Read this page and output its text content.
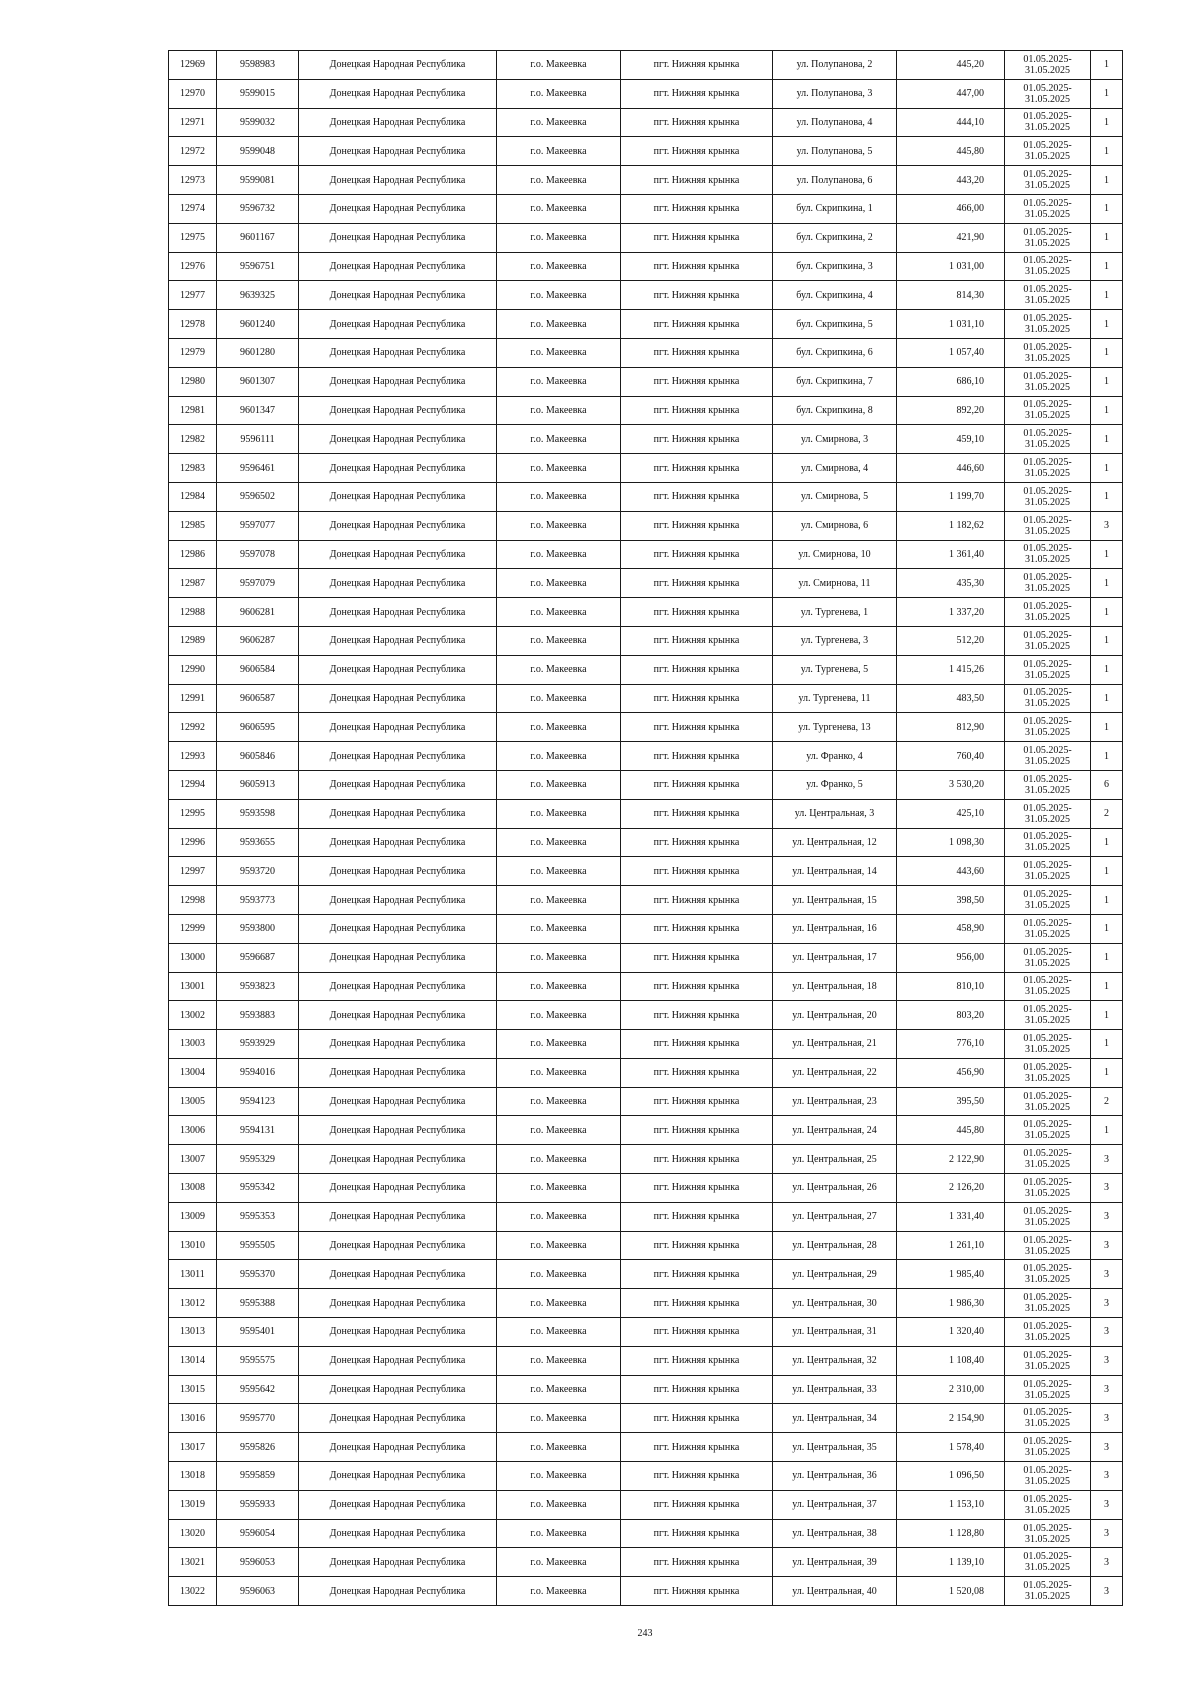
12969	9598983	Донецкая Народная Республика	г.о. Макеевка	пгт. Нижняя крынка	ул. Полупанова, 2	445,20	01.05.2025-
31.05.2025	1
12970	9599015	Донецкая Народная Республика	г.о. Макеевка	пгт. Нижняя крынка	ул. Полупанова, 3	447,00	01.05.2025-
31.05.2025	1
12971	9599032	Донецкая Народная Республика	г.о. Макеевка	пгт. Нижняя крынка	ул. Полупанова, 4	444,10	01.05.2025-
31.05.2025	1
12972	9599048	Донецкая Народная Республика	г.о. Макеевка	пгт. Нижняя крынка	ул. Полупанова, 5	445,80	01.05.2025-
31.05.2025	1
12973	9599081	Донецкая Народная Республика	г.о. Макеевка	пгт. Нижняя крынка	ул. Полупанова, 6	443,20	01.05.2025-
31.05.2025	1
12974	9596732	Донецкая Народная Республика	г.о. Макеевка	пгт. Нижняя крынка	бул. Скрипкина, 1	466,00	01.05.2025-
31.05.2025	1
12975	9601167	Донецкая Народная Республика	г.о. Макеевка	пгт. Нижняя крынка	бул. Скрипкина, 2	421,90	01.05.2025-
31.05.2025	1
12976	9596751	Донецкая Народная Республика	г.о. Макеевка	пгт. Нижняя крынка	бул. Скрипкина, 3	1 031,00	01.05.2025-
31.05.2025	1
12977	9639325	Донецкая Народная Республика	г.о. Макеевка	пгт. Нижняя крынка	бул. Скрипкина, 4	814,30	01.05.2025-
31.05.2025	1
12978	9601240	Донецкая Народная Республика	г.о. Макеевка	пгт. Нижняя крынка	бул. Скрипкина, 5	1 031,10	01.05.2025-
31.05.2025	1
12979	9601280	Донецкая Народная Республика	г.о. Макеевка	пгт. Нижняя крынка	бул. Скрипкина, 6	1 057,40	01.05.2025-
31.05.2025	1
12980	9601307	Донецкая Народная Республика	г.о. Макеевка	пгт. Нижняя крынка	бул. Скрипкина, 7	686,10	01.05.2025-
31.05.2025	1
12981	9601347	Донецкая Народная Республика	г.о. Макеевка	пгт. Нижняя крынка	бул. Скрипкина, 8	892,20	01.05.2025-
31.05.2025	1
12982	9596111	Донецкая Народная Республика	г.о. Макеевка	пгт. Нижняя крынка	ул. Смирнова, 3	459,10	01.05.2025-
31.05.2025	1
12983	9596461	Донецкая Народная Республика	г.о. Макеевка	пгт. Нижняя крынка	ул. Смирнова, 4	446,60	01.05.2025-
31.05.2025	1
12984	9596502	Донецкая Народная Республика	г.о. Макеевка	пгт. Нижняя крынка	ул. Смирнова, 5	1 199,70	01.05.2025-
31.05.2025	1
12985	9597077	Донецкая Народная Республика	г.о. Макеевка	пгт. Нижняя крынка	ул. Смирнова, 6	1 182,62	01.05.2025-
31.05.2025	3
12986	9597078	Донецкая Народная Республика	г.о. Макеевка	пгт. Нижняя крынка	ул. Смирнова, 10	1 361,40	01.05.2025-
31.05.2025	1
12987	9597079	Донецкая Народная Республика	г.о. Макеевка	пгт. Нижняя крынка	ул. Смирнова, 11	435,30	01.05.2025-
31.05.2025	1
12988	9606281	Донецкая Народная Республика	г.о. Макеевка	пгт. Нижняя крынка	ул. Тургенева, 1	1 337,20	01.05.2025-
31.05.2025	1
12989	9606287	Донецкая Народная Республика	г.о. Макеевка	пгт. Нижняя крынка	ул. Тургенева, 3	512,20	01.05.2025-
31.05.2025	1
12990	9606584	Донецкая Народная Республика	г.о. Макеевка	пгт. Нижняя крынка	ул. Тургенева, 5	1 415,26	01.05.2025-
31.05.2025	1
12991	9606587	Донецкая Народная Республика	г.о. Макеевка	пгт. Нижняя крынка	ул. Тургенева, 11	483,50	01.05.2025-
31.05.2025	1
12992	9606595	Донецкая Народная Республика	г.о. Макеевка	пгт. Нижняя крынка	ул. Тургенева, 13	812,90	01.05.2025-
31.05.2025	1
12993	9605846	Донецкая Народная Республика	г.о. Макеевка	пгт. Нижняя крынка	ул. Франко, 4	760,40	01.05.2025-
31.05.2025	1
12994	9605913	Донецкая Народная Республика	г.о. Макеевка	пгт. Нижняя крынка	ул. Франко, 5	3 530,20	01.05.2025-
31.05.2025	6
12995	9593598	Донецкая Народная Республика	г.о. Макеевка	пгт. Нижняя крынка	ул. Центральная, 3	425,10	01.05.2025-
31.05.2025	2
12996	9593655	Донецкая Народная Республика	г.о. Макеевка	пгт. Нижняя крынка	ул. Центральная, 12	1 098,30	01.05.2025-
31.05.2025	1
12997	9593720	Донецкая Народная Республика	г.о. Макеевка	пгт. Нижняя крынка	ул. Центральная, 14	443,60	01.05.2025-
31.05.2025	1
12998	9593773	Донецкая Народная Республика	г.о. Макеевка	пгт. Нижняя крынка	ул. Центральная, 15	398,50	01.05.2025-
31.05.2025	1
12999	9593800	Донецкая Народная Республика	г.о. Макеевка	пгт. Нижняя крынка	ул. Центральная, 16	458,90	01.05.2025-
31.05.2025	1
13000	9596687	Донецкая Народная Республика	г.о. Макеевка	пгт. Нижняя крынка	ул. Центральная, 17	956,00	01.05.2025-
31.05.2025	1
13001	9593823	Донецкая Народная Республика	г.о. Макеевка	пгт. Нижняя крынка	ул. Центральная, 18	810,10	01.05.2025-
31.05.2025	1
13002	9593883	Донецкая Народная Республика	г.о. Макеевка	пгт. Нижняя крынка	ул. Центральная, 20	803,20	01.05.2025-
31.05.2025	1
13003	9593929	Донецкая Народная Республика	г.о. Макеевка	пгт. Нижняя крынка	ул. Центральная, 21	776,10	01.05.2025-
31.05.2025	1
13004	9594016	Донецкая Народная Республика	г.о. Макеевка	пгт. Нижняя крынка	ул. Центральная, 22	456,90	01.05.2025-
31.05.2025	1
13005	9594123	Донецкая Народная Республика	г.о. Макеевка	пгт. Нижняя крынка	ул. Центральная, 23	395,50	01.05.2025-
31.05.2025	2
13006	9594131	Донецкая Народная Республика	г.о. Макеевка	пгт. Нижняя крынка	ул. Центральная, 24	445,80	01.05.2025-
31.05.2025	1
13007	9595329	Донецкая Народная Республика	г.о. Макеевка	пгт. Нижняя крынка	ул. Центральная, 25	2 122,90	01.05.2025-
31.05.2025	3
13008	9595342	Донецкая Народная Республика	г.о. Макеевка	пгт. Нижняя крынка	ул. Центральная, 26	2 126,20	01.05.2025-
31.05.2025	3
13009	9595353	Донецкая Народная Республика	г.о. Макеевка	пгт. Нижняя крынка	ул. Центральная, 27	1 331,40	01.05.2025-
31.05.2025	3
13010	9595505	Донецкая Народная Республика	г.о. Макеевка	пгт. Нижняя крынка	ул. Центральная, 28	1 261,10	01.05.2025-
31.05.2025	3
13011	9595370	Донецкая Народная Республика	г.о. Макеевка	пгт. Нижняя крынка	ул. Центральная, 29	1 985,40	01.05.2025-
31.05.2025	3
13012	9595388	Донецкая Народная Республика	г.о. Макеевка	пгт. Нижняя крынка	ул. Центральная, 30	1 986,30	01.05.2025-
31.05.2025	3
13013	9595401	Донецкая Народная Республика	г.о. Макеевка	пгт. Нижняя крынка	ул. Центральная, 31	1 320,40	01.05.2025-
31.05.2025	3
13014	9595575	Донецкая Народная Республика	г.о. Макеевка	пгт. Нижняя крынка	ул. Центральная, 32	1 108,40	01.05.2025-
31.05.2025	3
13015	9595642	Донецкая Народная Республика	г.о. Макеевка	пгт. Нижняя крынка	ул. Центральная, 33	2 310,00	01.05.2025-
31.05.2025	3
13016	9595770	Донецкая Народная Республика	г.о. Макеевка	пгт. Нижняя крынка	ул. Центральная, 34	2 154,90	01.05.2025-
31.05.2025	3
13017	9595826	Донецкая Народная Республика	г.о. Макеевка	пгт. Нижняя крынка	ул. Центральная, 35	1 578,40	01.05.2025-
31.05.2025	3
13018	9595859	Донецкая Народная Республика	г.о. Макеевка	пгт. Нижняя крынка	ул. Центральная, 36	1 096,50	01.05.2025-
31.05.2025	3
13019	9595933	Донецкая Народная Республика	г.о. Макеевка	пгт. Нижняя крынка	ул. Центральная, 37	1 153,10	01.05.2025-
31.05.2025	3
13020	9596054	Донецкая Народная Республика	г.о. Макеевка	пгт. Нижняя крынка	ул. Центральная, 38	1 128,80	01.05.2025-
31.05.2025	3
13021	9596053	Донецкая Народная Республика	г.о. Макеевка	пгт. Нижняя крынка	ул. Центральная, 39	1 139,10	01.05.2025-
31.05.2025	3
13022	9596063	Донецкая Народная Республика	г.о. Макеевка	пгт. Нижняя крынка	ул. Центральная, 40	1 520,08	01.05.2025-
31.05.2025	3
243
